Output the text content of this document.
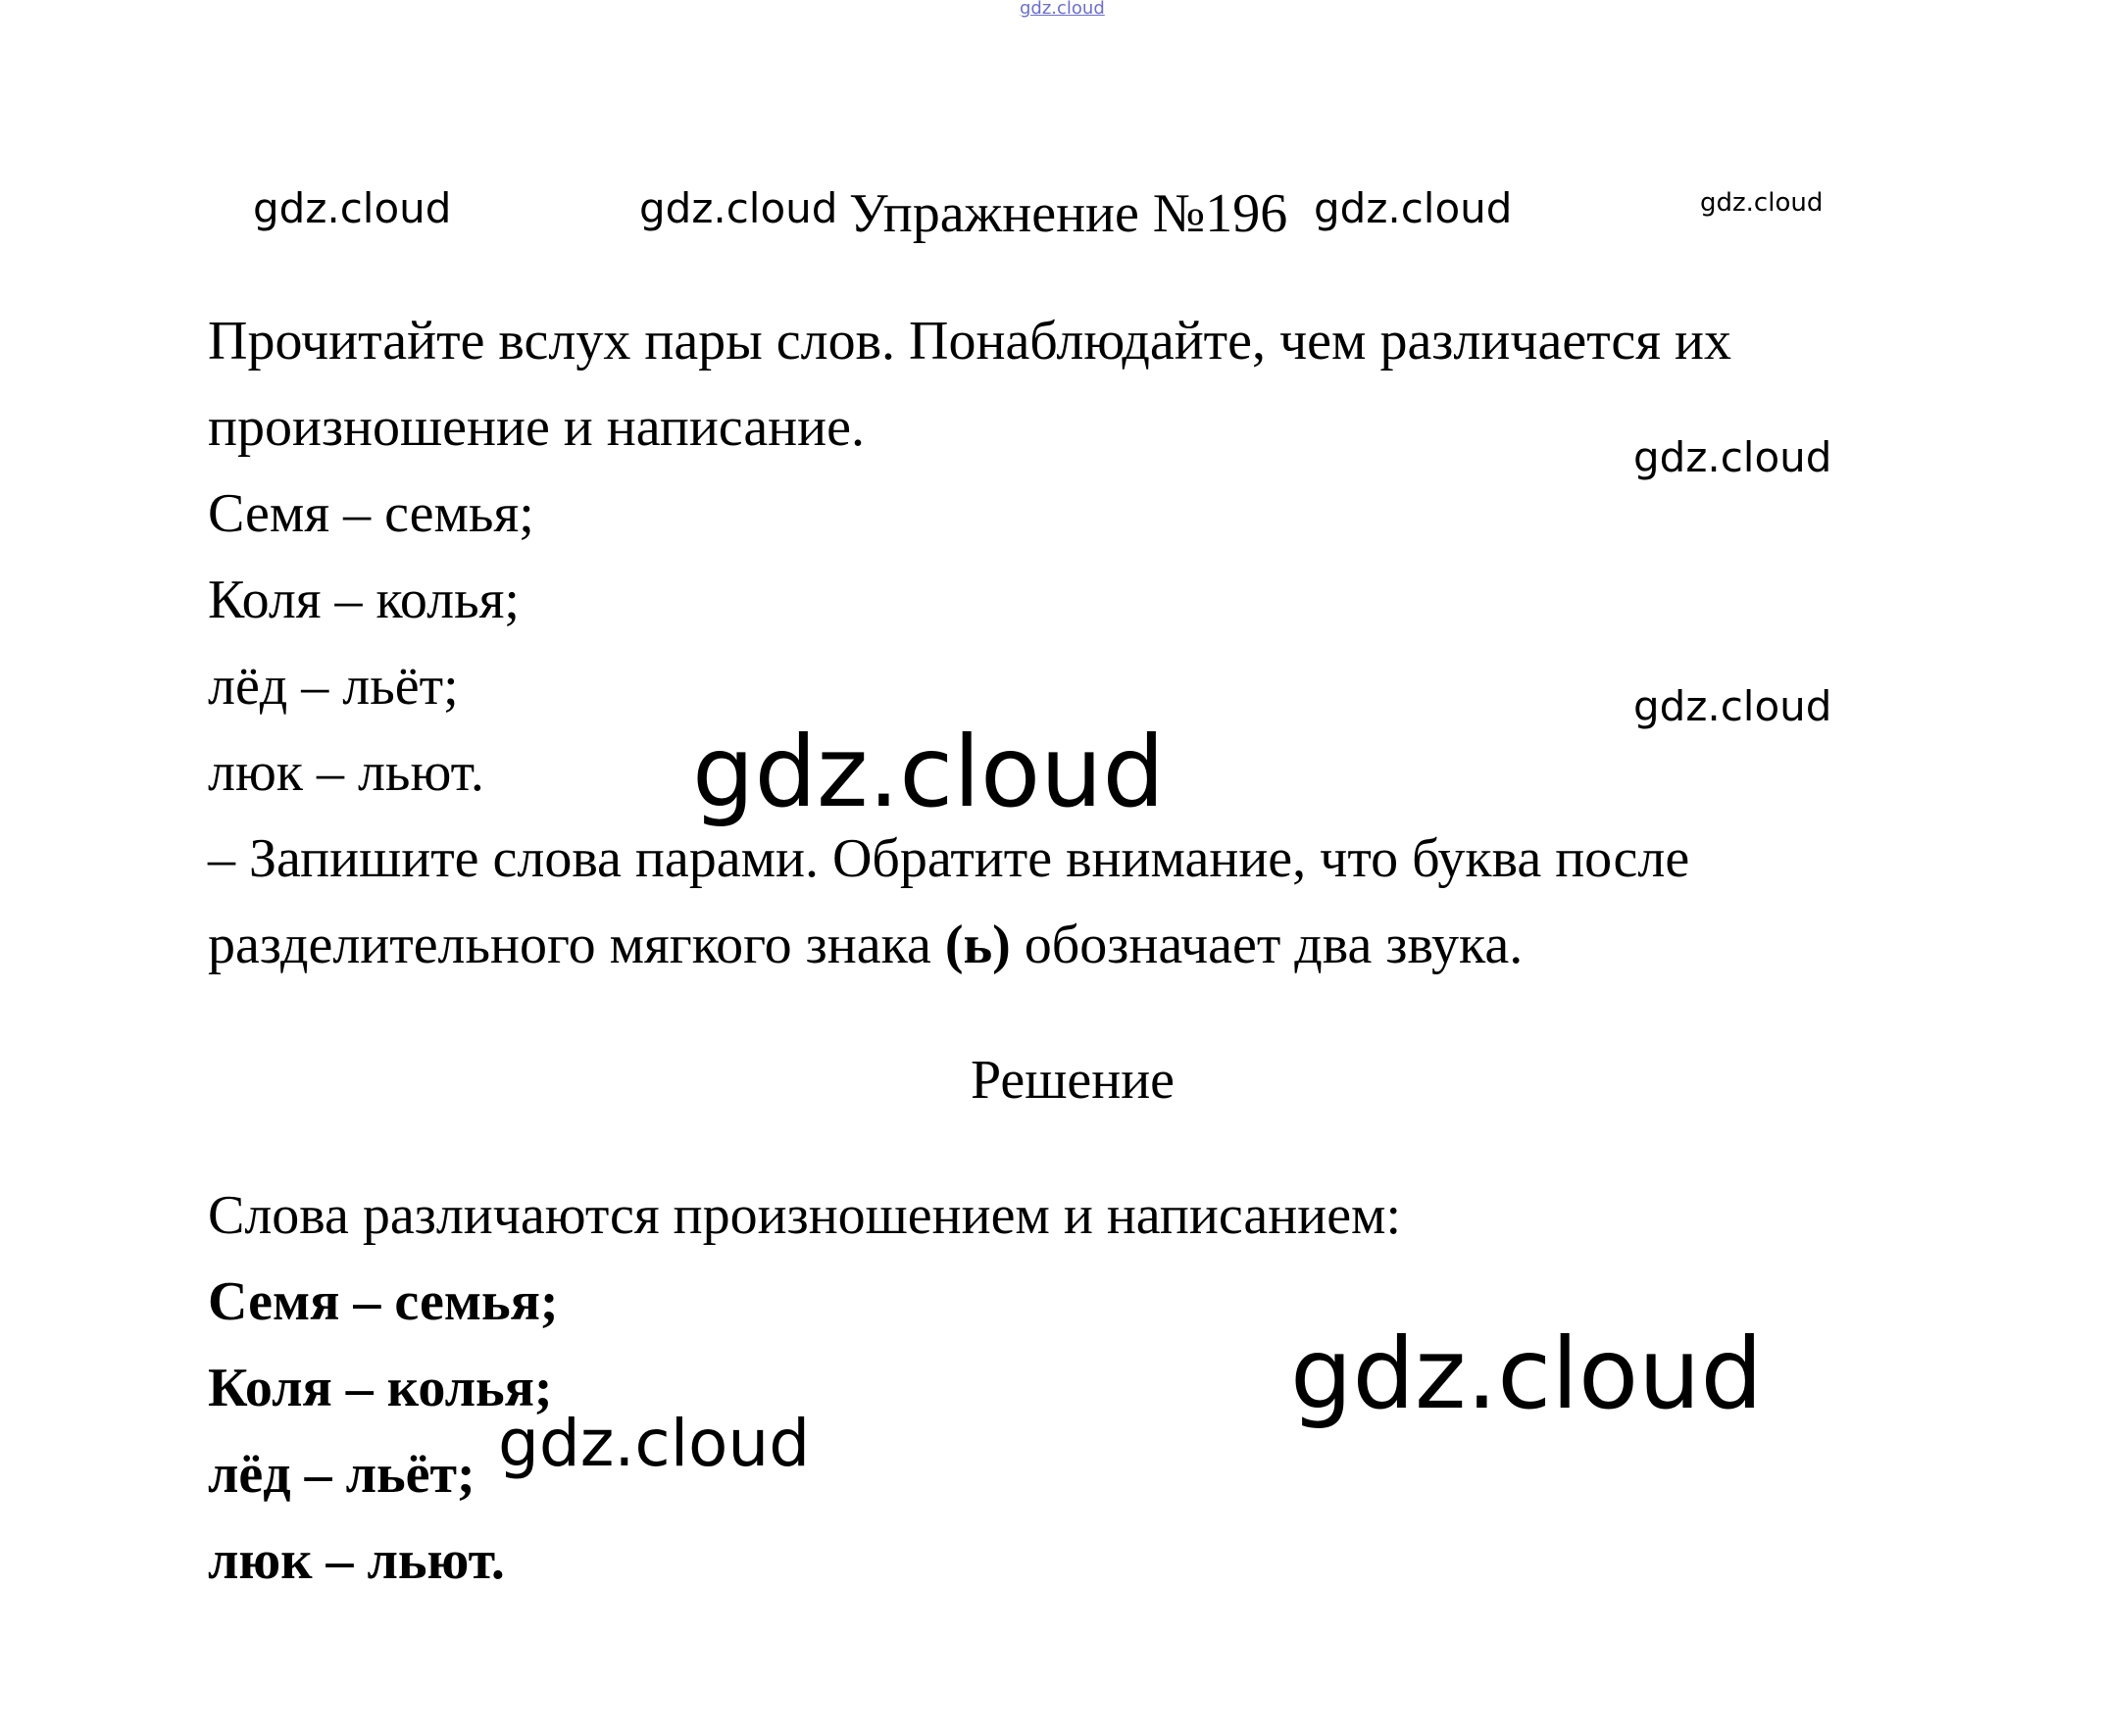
gdz.cloud
gdz.cloud	gdz.cloud	gdz.cloud	gdz.cloud
gdz.cloud
gdz.cloud
gdz.cloud
gdz.cloud
gdz.cloud
Упражнение №196
Прочитайте вслух пары слов. Понаблюдайте, чем различается их
произношение и написание.
Семя – семья;
Коля – колья;
лёд – льёт;
люк – льют.
– Запишите слова парами. Обратите внимание, что буква после
разделительного мягкого знака (ь) обозначает два звука.
Решение
Слова различаются произношением и написанием:
Семя – семья;
Коля – колья;
лёд – льёт;
люк – льют.
